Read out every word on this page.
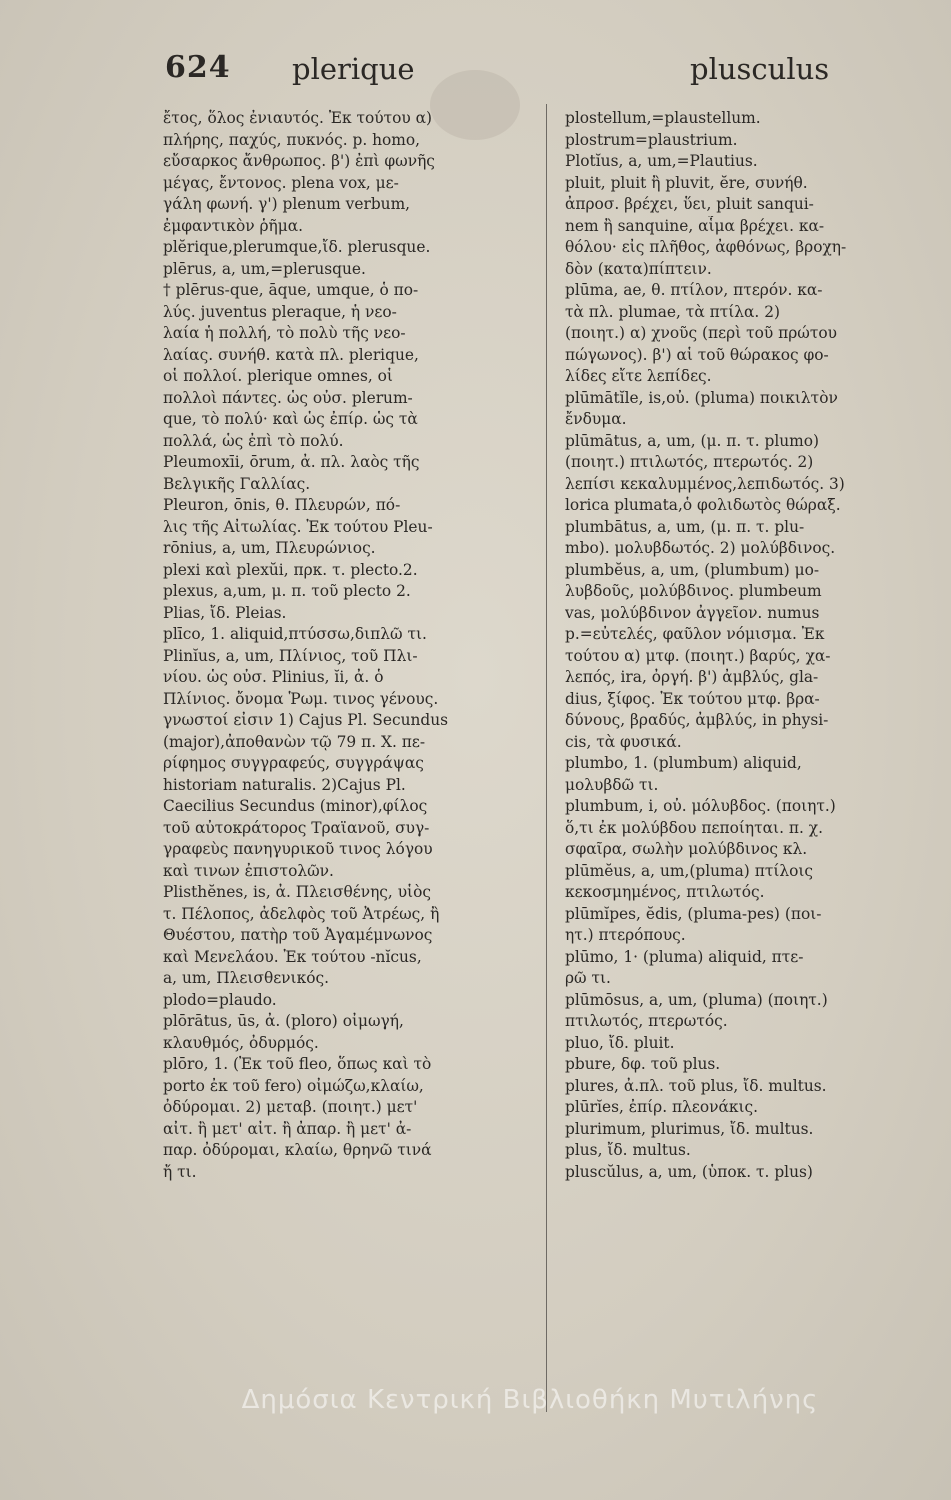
624 plerique	plusculus
ἔτος, ὅλος ἐνιαυτός. Ἐκ τούτου α)
πλήρης, παχύς, πυκνός. p. homo,
εὔσαρκος ἄνθρωπος. β') ἐπὶ φωνῆς
μέγας, ἔντονος. plena vox, με-
γάλη φωνή. γ') plenum verbum,
ἐμφαντικὸν ῥῆμα.
plĕrique,plerumque,ἴδ. plerusque.
plērus, a, um,=plerusque.
† plērus-que, āque, umque, ὁ πο-
λύς. juventus pleraque, ἡ νεο-
λαία ἡ πολλή, τὸ πολὺ τῆς νεο-
λαίας. συνήθ. κατὰ πλ. plerique,
οἱ πολλοί. plerique omnes, οἱ
πολλοὶ πάντες. ὡς οὐσ. plerum-
que, τὸ πολύ· καὶ ὡς ἐπίρ. ὡς τὰ
πολλά, ὡς ἐπὶ τὸ πολύ.
Pleumoxīi, ōrum, ἀ. πλ. λαὸς τῆς
Βελγικῆς Γαλλίας.
Pleuron, ōnis, θ. Πλευρών, πό-
λις τῆς Αἰτωλίας. Ἐκ τούτου Pleu-
rōnius, a, um, Πλευρώνιος.
plexi καὶ plexŭi, πρκ. τ. plecto.2.
plexus, a,um, μ. π. τοῦ plecto 2.
Plias, ἴδ. Pleias.
plīco, 1. aliquid,πτύσσω,διπλῶ τι.
Plinĭus, a, um, Πλίνιος, τοῦ Πλι-
νίου. ὡς οὐσ. Plinius, ĭi, ἀ. ὁ
Πλίνιος. ὄνομα Ῥωμ. τινος γένους.
γνωστοί εἰσιν 1) Cajus Pl. Secundus
(major),ἀποθανὼν τῷ 79 π. Χ. πε-
ρίφημος συγγραφεύς, συγγράψας
historiam naturalis. 2)Cajus Pl.
Caecilius Secundus (minor),φίλος
τοῦ αὐτοκράτορος Τραϊανοῦ, συγ-
γραφεὺς πανηγυρικοῦ τινος λόγου
καὶ τινων ἐπιστολῶν.
Plisthĕnes, is, ἀ. Πλεισθένης, υἱὸς
τ. Πέλοπος, ἀδελφὸς τοῦ Ἀτρέως, ἢ
Θυέστου, πατὴρ τοῦ Ἀγαμέμνωνος
καὶ Μενελάου. Ἐκ τούτου -nĭcus,
a, um, Πλεισθενικός.
plodo=plaudo.
plōrātus, ūs, ἀ. (ploro) οἰμωγή,
κλαυθμός, ὀδυρμός.
plōro, 1. (Ἐκ τοῦ fleo, ὅπως καὶ τὸ
porto ἐκ τοῦ fero) οἰμώζω,κλαίω,
ὀδύρομαι. 2) μεταβ. (ποιητ.) μετ'
αἰτ. ἢ μετ' αἰτ. ἢ ἀπαρ. ἢ μετ' ἀ-
παρ. ὀδύρομαι, κλαίω, θρηνῶ τινά
ἤ τι.
plostellum,=plaustellum.
plostrum=plaustrium.
Plotĭus, a, um,=Plautius.
pluit, pluit ἢ pluvit, ĕre, συνήθ.
ἀπροσ. βρέχει, ὕει, pluit sanqui-
nem ἢ sanquine, αἷμα βρέχει. κα-
θόλου· εἰς πλῆθος, ἀφθόνως, βροχη-
δὸν (κατα)πίπτειν.
plūma, ae, θ. πτίλον, πτερόν. κα-
τὰ πλ. plumae, τὰ πτίλα. 2)
(ποιητ.) α) χνοῦς (περὶ τοῦ πρώτου
πώγωνος). β') αἱ τοῦ θώρακος φο-
λίδες εἴτε λεπίδες.
plūmātĭle, is,οὐ. (pluma) ποικιλτὸν
ἔνδυμα.
plūmātus, a, um, (μ. π. τ. plumo)
(ποιητ.) πτιλωτός, πτερωτός. 2)
λεπίσι κεκαλυμμένος,λεπιδωτός. 3)
lorica plumata,ὁ φολιδωτὸς θώραξ.
plumbātus, a, um, (μ. π. τ. plu-
mbo). μολυβδωτός. 2) μολύβδινος.
plumbĕus, a, um, (plumbum) μο-
λυβδοῦς, μολύβδινος. plumbeum
vas, μολύβδινον ἀγγεῖον. numus
p.=εὐτελές, φαῦλον νόμισμα. Ἐκ
τούτου α) μτφ. (ποιητ.) βαρύς, χα-
λεπός, ira, ὀργή. β') ἀμβλύς, gla-
dius, ξίφος. Ἐκ τούτου μτφ. βρα-
δύνους, βραδύς, ἀμβλύς, in physi-
cis, τὰ φυσικά.
plumbo, 1. (plumbum) aliquid,
μολυβδῶ τι.
plumbum, i, οὐ. μόλυβδος. (ποιητ.)
ὅ,τι ἐκ μολύβδου πεποίηται. π. χ.
σφαῖρα, σωλὴν μολύβδινος κλ.
plūmĕus, a, um,(pluma) πτίλοις
κεκοσμημένος, πτιλωτός.
plūmĭpes, ĕdis, (pluma-pes) (ποι-
ητ.) πτερόπους.
plūmo, 1· (pluma) aliquid, πτε-
ρῶ τι.
plūmōsus, a, um, (pluma) (ποιητ.)
πτιλωτός, πτερωτός.
pluo, ἴδ. pluit.
pbure, δφ. τοῦ plus.
plures, ἀ.πλ. τοῦ plus, ἴδ. multus.
plūrĭes, ἐπίρ. πλεονάκις.
plurimum, plurimus, ἴδ. multus.
plus, ἴδ. multus.
pluscŭlus, a, um, (ὑποκ. τ. plus)
Δημόσια Κεντρική Βιβλιοθήκη Μυτιλήνης
